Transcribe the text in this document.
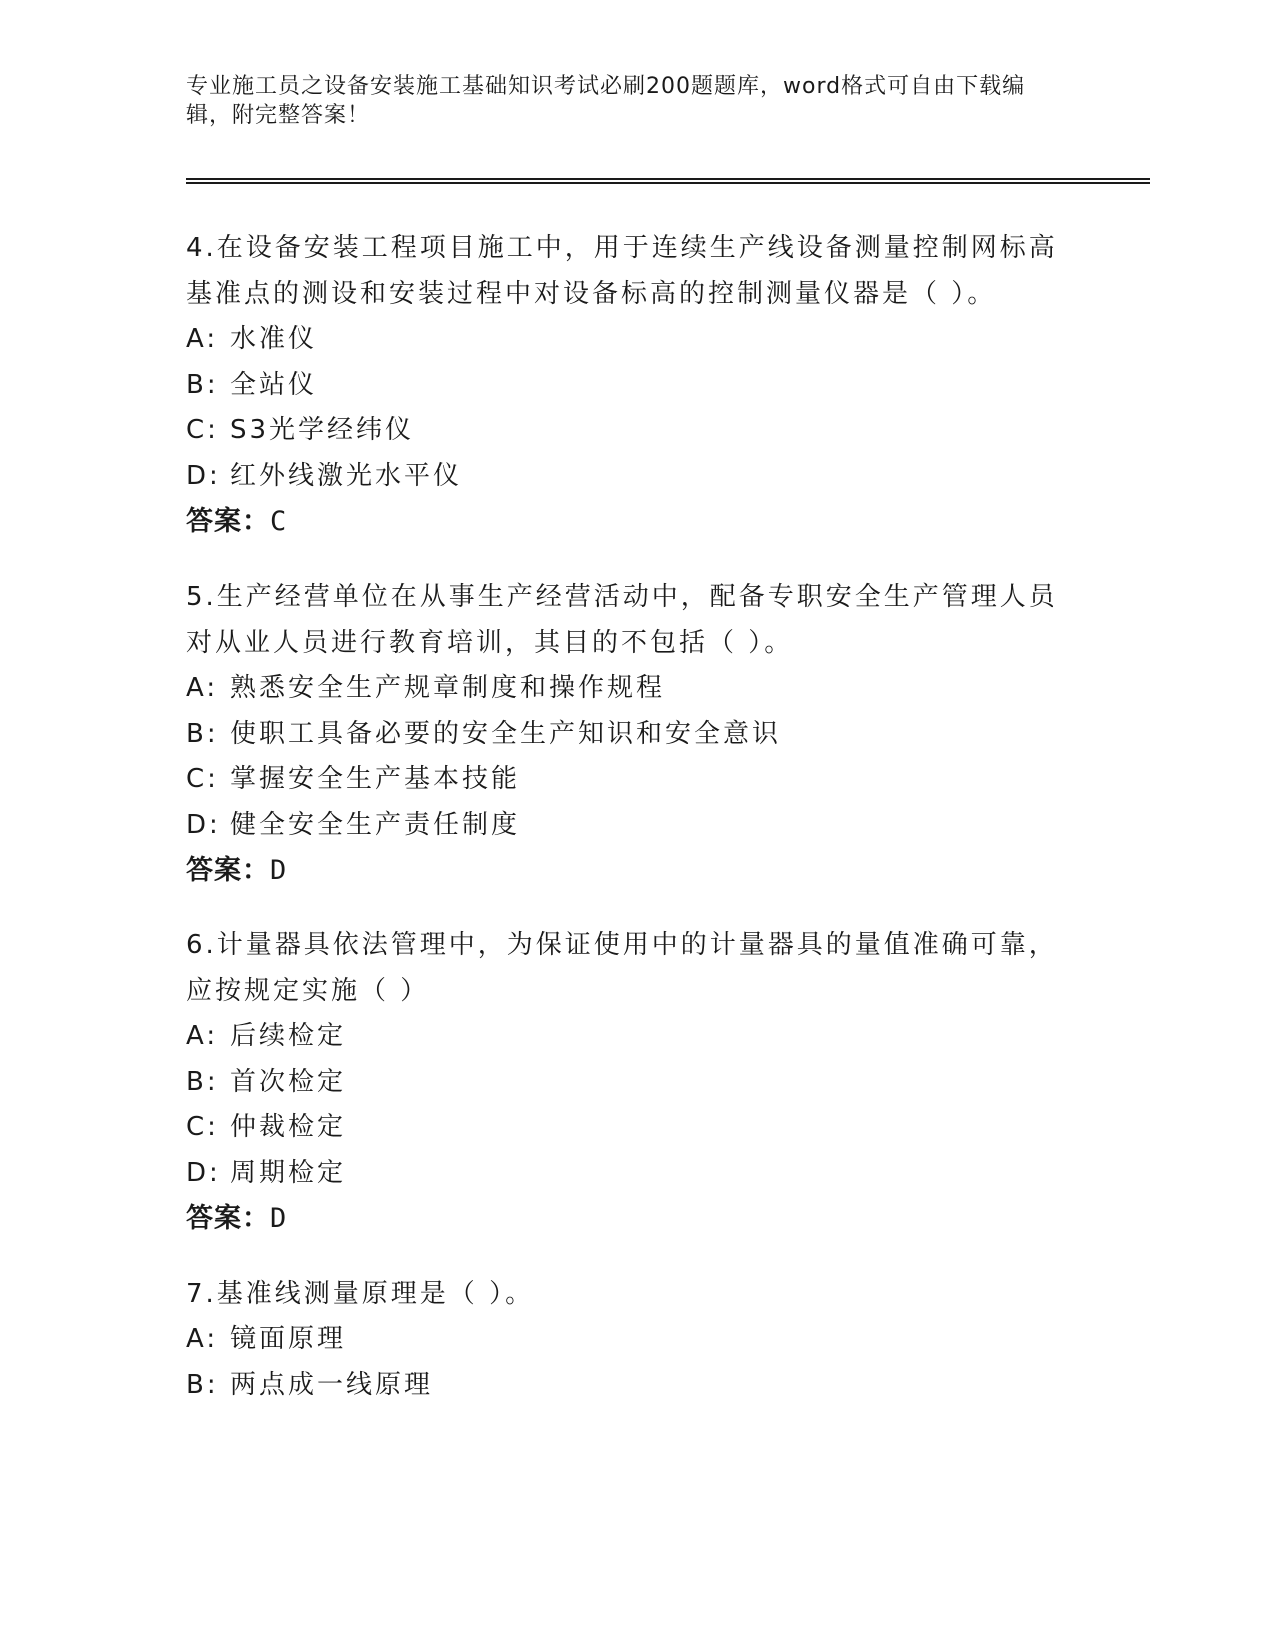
专业施工员之设备安装施工基础知识考试必刷200题题库，word格式可自由下载编辑，附完整答案！

4.在设备安装工程项目施工中，用于连续生产线设备测量控制网标高基准点的测设和安装过程中对设备标高的控制测量仪器是（ ）。

A: 水准仪
B: 全站仪
C: S3光学经纬仪
D: 红外线激光水平仪

答案：C

5.生产经营单位在从事生产经营活动中，配备专职安全生产管理人员对从业人员进行教育培训，其目的不包括（ ）。

A: 熟悉安全生产规章制度和操作规程
B: 使职工具备必要的安全生产知识和安全意识
C: 掌握安全生产基本技能
D: 健全安全生产责任制度

答案：D

6.计量器具依法管理中，为保证使用中的计量器具的量值准确可靠，应按规定实施（ ）

A: 后续检定
B: 首次检定
C: 仲裁检定
D: 周期检定

答案：D

7.基准线测量原理是（ ）。

A: 镜面原理
B: 两点成一线原理
